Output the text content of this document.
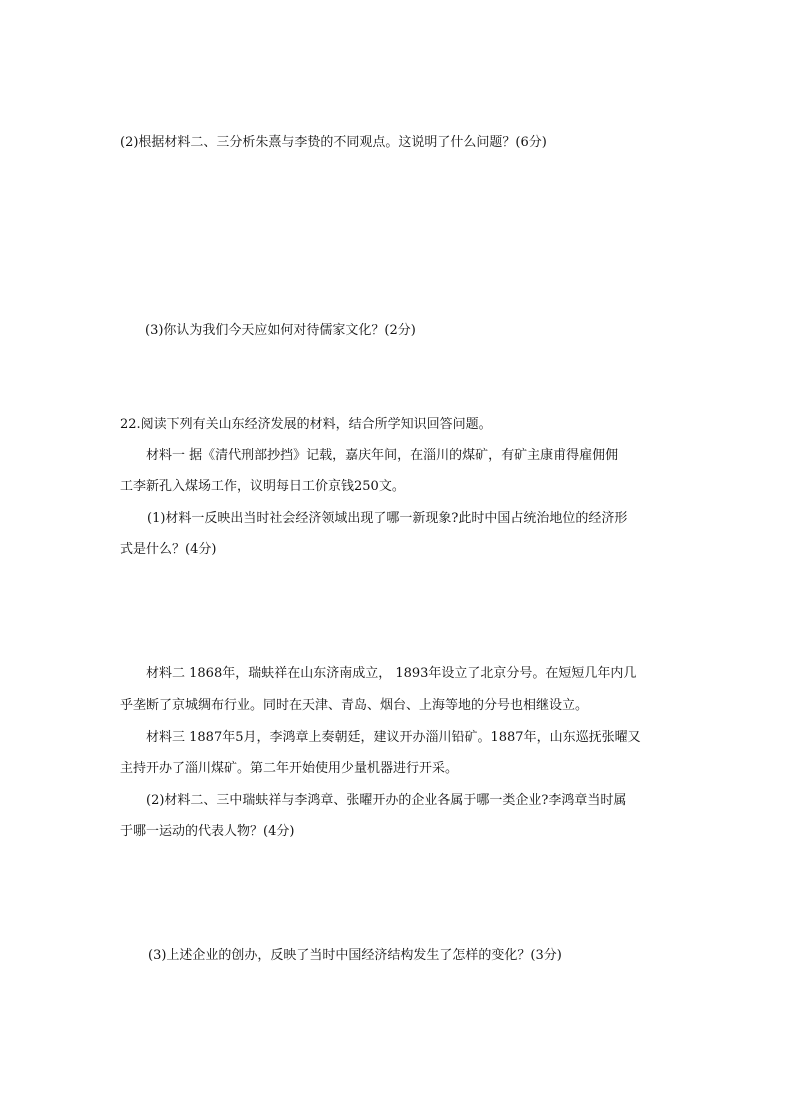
(2)根据材料二、三分析朱熹与李贽的不同观点。这说明了什么问题？(6分)
(3)你认为我们今天应如何对待儒家文化？(2分)
22.阅读下列有关山东经济发展的材料，结合所学知识回答问题。
材料一 据《清代刑部抄挡》记载，嘉庆年间，在淄川的煤矿，有矿主康甫得雇佣佣
工李新孔入煤场工作，议明每日工价京钱250文。
(1)材料一反映出当时社会经济领域出现了哪一新现象?此时中国占统治地位的经济形
式是什么？(4分)
材料二 1868年，瑞蚨祥在山东济南成立， 1893年设立了北京分号。在短短几年内几
乎垄断了京城绸布行业。同时在天津、青岛、烟台、上海等地的分号也相继设立。
材料三 1887年5月，李鸿章上奏朝廷，建议开办淄川铅矿。1887年，山东巡抚张曜又
主持开办了淄川煤矿。第二年开始使用少量机器进行开采。
(2)材料二、三中瑞蚨祥与李鸿章、张曜开办的企业各属于哪一类企业?李鸿章当时属
于哪一运动的代表人物？(4分)
(3)上述企业的创办，反映了当时中国经济结构发生了怎样的变化？(3分)
